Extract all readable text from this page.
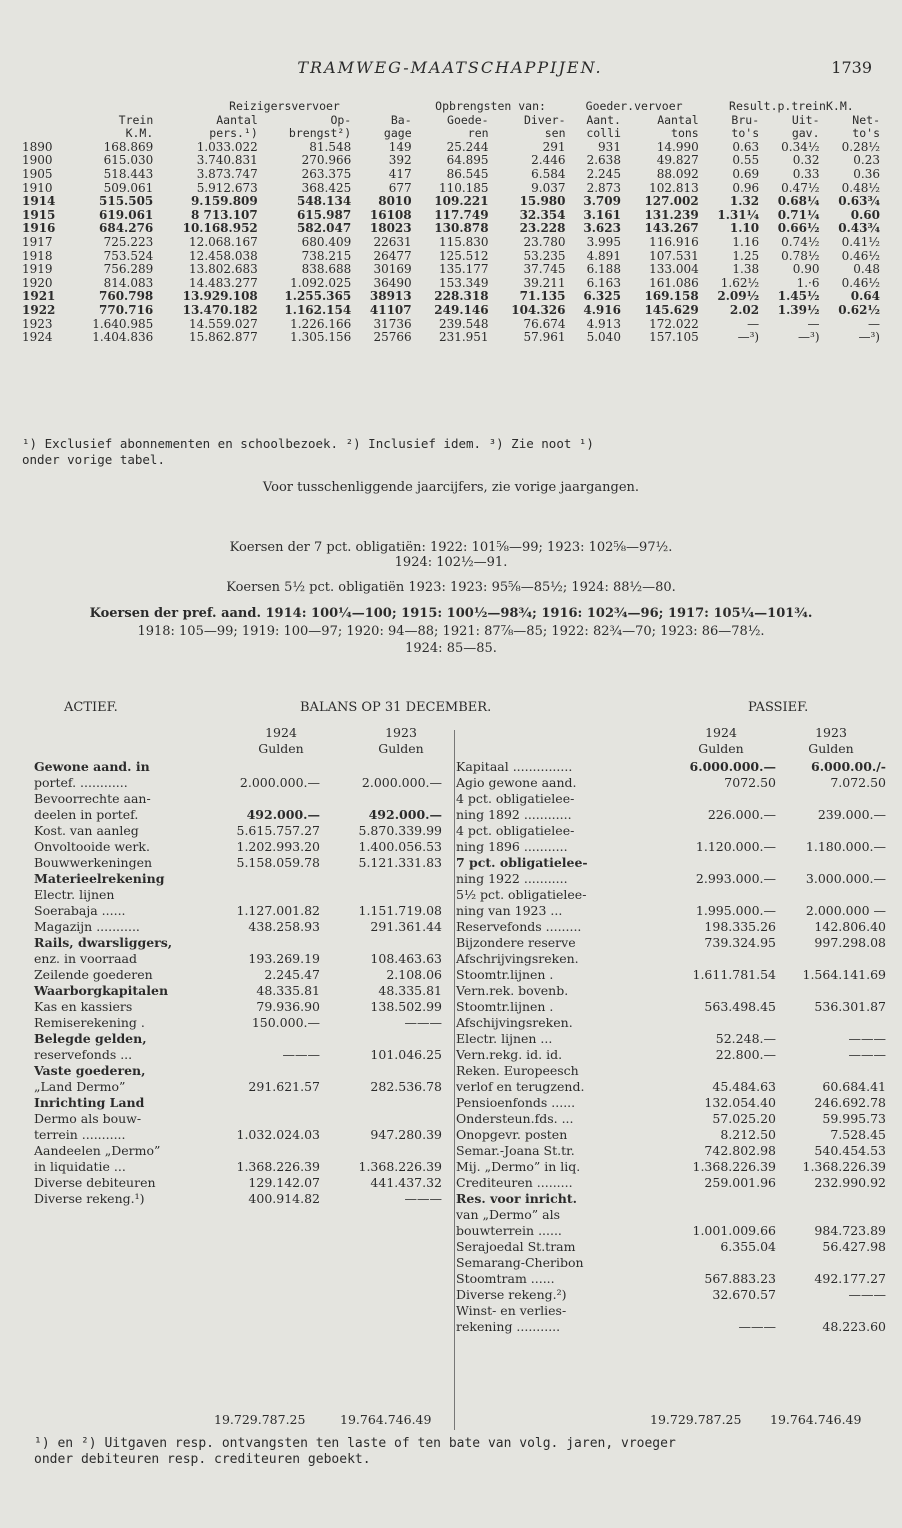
TRAMWEG-MAATSCHAPPIJEN.	1739
		Reizigersvervoer			Opbrengsten van:		Goeder.vervoer		Result.p.treinK.M.		
	Trein	Aantal	Op-	Ba-	Goede-	Diver-	Aant.	Aantal	Bru-	Uit-	Net-
	K.M.	pers.¹)	brengst²)	gage	ren	sen	colli	tons	to's	gav.	to's
1890	168.869	1.033.022	81.548	149	25.244	291	931	14.990	0.63	0.34½	0.28½
1900	615.030	3.740.831	270.966	392	64.895	2.446	2.638	49.827	0.55	0.32	0.23
1905	518.443	3.873.747	263.375	417	86.545	6.584	2.245	88.092	0.69	0.33	0.36
1910	509.061	5.912.673	368.425	677	110.185	9.037	2.873	102.813	0.96	0.47½	0.48½
1914	515.505	9.159.809	548.134	8010	109.221	15.980	3.709	127.002	1.32	0.68¼	0.63¾
1915	619.061	8 713.107	615.987	16108	117.749	32.354	3.161	131.239	1.31¼	0.71¼	0.60
1916	684.276	10.168.952	582.047	18023	130.878	23.228	3.623	143.267	1.10	0.66½	0.43¾
1917	725.223	12.068.167	680.409	22631	115.830	23.780	3.995	116.916	1.16	0.74½	0.41½
1918	753.524	12.458.038	738.215	26477	125.512	53.235	4.891	107.531	1.25	0.78½	0.46½
1919	756.289	13.802.683	838.688	30169	135.177	37.745	6.188	133.004	1.38	0.90	0.48
1920	814.083	14.483.277	1.092.025	36490	153.349	39.211	6.163	161.086	1.62½	1.·6	0.46½
1921	760.798	13.929.108	1.255.365	38913	228.318	71.135	6.325	169.158	2.09½	1.45½	0.64
1922	770.716	13.470.182	1.162.154	41107	249.146	104.326	4.916	145.629	2.02	1.39½	0.62½
1923	1.640.985	14.559.027	1.226.166	31736	239.548	76.674	4.913	172.022	—	—	—
1924	1.404.836	15.862.877	1.305.156	25766	231.951	57.961	5.040	157.105	—³)	—³)	—³)
¹) Exclusief abonnementen en schoolbezoek. ²) Inclusief idem. ³) Zie noot ¹)
onder vorige tabel.
Voor tusschenliggende jaarcijfers, zie vorige jaargangen.
Koersen der 7 pct. obligatiën: 1922: 101⅝—99; 1923: 102⅝—97½.
1924: 102½—91.
Koersen 5½ pct. obligatiën 1923: 1923: 95⅝—85½; 1924: 88½—80.
Koersen der pref. aand. 1914: 100¼—100; 1915: 100½—98¾; 1916: 102¾—96; 1917: 105¼—101¾.
1918: 105—99; 1919: 100—97; 1920: 94—88; 1921: 87⅞—85; 1922: 82¾—70; 1923: 86—78½.
1924: 85—85.
ACTIEF.	BALANS OP 31 DECEMBER.	PASSIEF.
1924
Gulden
1923
Gulden
Gewone aand. in
portef. ............	2.000.000.—	2.000.000.—
Bevoorrechte aan-
deelen in portef.	492.000.—	492.000.—
Kost. van aanleg	5.615.757.27	5.870.339.99
Onvoltooide werk.	1.202.993.20	1.400.056.53
Bouwwerkeningen	5.158.059.78	5.121.331.83
Materieelrekening
Electr. lijnen
Soerabaja ......	1.127.001.82	1.151.719.08
Magazijn ...........	438.258.93	291.361.44
Rails, dwarsliggers,
enz. in voorraad	193.269.19	108.463.63
Zeilende goederen	2.245.47	2.108.06
Waarborgkapitalen	48.335.81	48.335.81
Kas en kassiers	79.936.90	138.502.99
Remiserekening .	150.000.—	———
Belegde gelden,
reservefonds ...	———	101.046.25
Vaste goederen,
„Land Dermo”	291.621.57	282.536.78
Inrichting Land
Dermo als bouw-
terrein ...........	1.032.024.03	947.280.39
Aandeelen „Dermo”
in liquidatie ...	1.368.226.39	1.368.226.39
Diverse debiteuren	129.142.07	441.437.32
Diverse rekeng.¹)	400.914.82	———
1924
Gulden
1923
Gulden
Kapitaal ...............	6.000.000.—	6.000.00./-
Agio gewone aand.	7072.50	7.072.50
4 pct. obligatielee-
ning 1892 ............	226.000.—	239.000.—
4 pct. obligatielee-
ning 1896 ...........	1.120.000.— 1.180.000.—
7 pct. obligatielee-
ning 1922 ...........	2.993.000.— 3.000.000.—
5½ pct. obligatielee-
ning van 1923 ...	1.995.000.— 2.000.000 —
Reservefonds .........	198.335.26	142.806.40
Bijzondere reserve	739.324.95	997.298.08
Afschrijvingsreken.
Stoomtr.lijnen .	1.611.781.54 1.564.141.69
Vern.rek. bovenb.
Stoomtr.lijnen .	563.498.45	536.301.87
Afschijvingsreken.
Electr. lijnen ...	52.248.—	———
Vern.rekg. id. id.	22.800.—	———
Reken. Europeesch
verlof en terugzend.	45.484.63	60.684.41
Pensioenfonds ......	132.054.40	246.692.78
Ondersteun.fds. ...	57.025.20	59.995.73
Onopgevr. posten	8.212.50	7.528.45
Semar.-Joana St.tr.	742.802.98	540.454.53
Mij. „Dermo” in liq.	1.368.226.39 1.368.226.39
Crediteuren .........	259.001.96	232.990.92
Res. voor inricht.
van „Dermo” als
bouwterrein ......	1.001.009.66	984.723.89
Serajoedal St.tram	6.355.04	56.427.98
Semarang-Cheribon
Stoomtram ......	567.883.23	492.177.27
Diverse rekeng.²)	32.670.57	———
Winst- en verlies-
rekening ...........	———	48.223.60
19.729.787.25	19.764.746.49	19.729.787.25 19.764.746.49
¹) en ²) Uitgaven resp. ontvangsten ten laste of ten bate van volg. jaren, vroeger
onder debiteuren resp. crediteuren geboekt.
